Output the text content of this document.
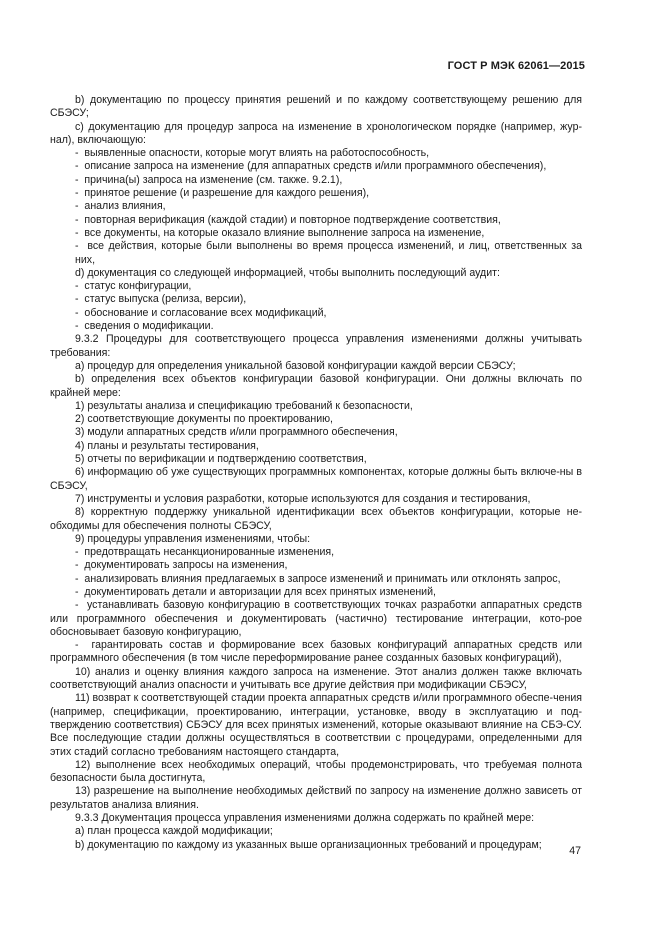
ГОСТ Р МЭК 62061—2015

b) документацию по процессу принятия решений и по каждому соответствующему решению для СБЭСУ;

c) документацию для процедур запроса на изменение в хронологическом порядке (например, жур-нал), включающую:

-  выявленные опасности, которые могут влиять на работоспособность,

-  описание запроса на изменение (для аппаратных средств и/или программного обеспечения),

-  причина(ы) запроса на изменение (см. также. 9.2.1),

-  принятое решение (и разрешение для каждого решения),

-  анализ влияния,

-  повторная верификация (каждой стадии) и повторное подтверждение соответствия,

-  все документы, на которые оказало влияние выполнение запроса на изменение,

-  все действия, которые были выполнены во время процесса изменений, и лиц, ответственных за них,

d) документация со следующей информацией, чтобы выполнить последующий аудит:

-  статус конфигурации,

-  статус выпуска (релиза, версии),

-  обоснование и согласование всех модификаций,

-  сведения о модификации.

9.3.2 Процедуры для соответствующего процесса управления изменениями должны учитывать требования:

a) процедур для определения уникальной базовой конфигурации каждой версии СБЭСУ;

b) определения всех объектов конфигурации базовой конфигурации. Они должны включать по крайней мере:

1) результаты анализа и спецификацию требований к безопасности,

2) соответствующие документы по проектированию,

3) модули аппаратных средств и/или программного обеспечения,

4) планы и результаты тестирования,

5) отчеты по верификации и подтверждению соответствия,

6) информацию об уже существующих программных компонентах, которые должны быть включе-ны в СБЭСУ,

7) инструменты и условия разработки, которые используются для создания и тестирования,

8) корректную поддержку уникальной идентификации всех объектов конфигурации, которые не-обходимы для обеспечения полноты СБЭСУ,

9) процедуры управления изменениями, чтобы:

-  предотвращать несанкционированные изменения,

-  документировать запросы на изменения,

-  анализировать влияния предлагаемых в запросе изменений и принимать или отклонять запрос,

-  документировать детали и авторизации для всех принятых изменений,

-  устанавливать базовую конфигурацию в соответствующих точках разработки аппаратных средств или программного обеспечения и документировать (частично) тестирование интеграции, кото-рое обосновывает базовую конфигурацию,

-  гарантировать состав и формирование всех базовых конфигураций аппаратных средств или программного обеспечения (в том числе переформирование ранее созданных базовых конфигураций),

10) анализ и оценку влияния каждого запроса на изменение. Этот анализ должен также включать соответствующий анализ опасности и учитывать все другие действия при модификации СБЭСУ,

11) возврат к соответствующей стадии проекта аппаратных средств и/или программного обеспе-чения (например, спецификации, проектированию, интеграции, установке, вводу в эксплуатацию и под-тверждению соответствия) СБЭСУ для всех принятых изменений, которые оказывают влияние на СБЭ-СУ. Все последующие стадии должны осуществляться в соответствии с процедурами, определенными для этих стадий согласно требованиям настоящего стандарта,

12) выполнение всех необходимых операций, чтобы продемонстрировать, что требуемая полнота безопасности была достигнута,

13) разрешение на выполнение необходимых действий по запросу на изменение должно зависеть от результатов анализа влияния.

9.3.3 Документация процесса управления изменениями должна содержать по крайней мере:

a) план процесса каждой модификации;

b) документацию по каждому из указанных выше организационных требований и процедурам;

47
